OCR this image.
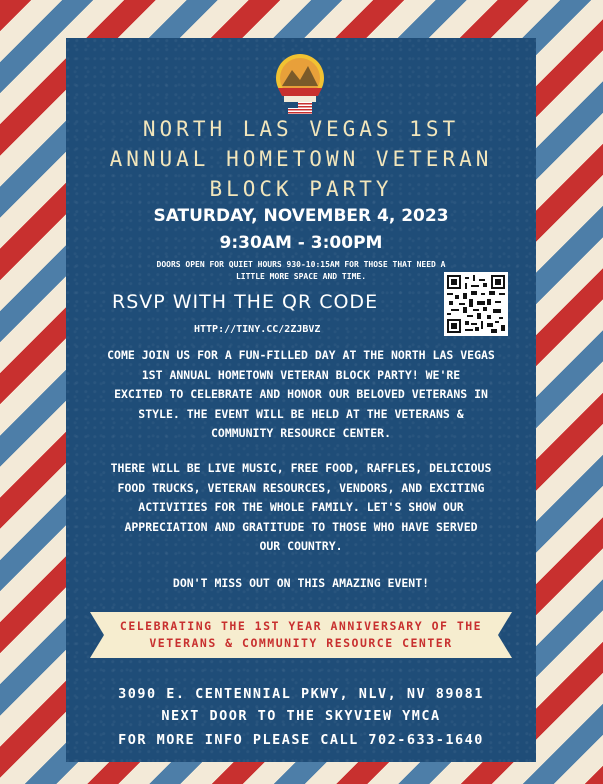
NORTH LAS VEGAS 1ST
ANNUAL HOMETOWN VETERAN
BLOCK PARTY
SATURDAY, NOVEMBER 4, 2023
9:30AM - 3:00PM
DOORS OPEN FOR QUIET HOURS 930-10:15AM FOR THOSE THAT NEED A
LITTLE MORE SPACE AND TIME.
RSVP WITH THE QR CODE
HTTP://TINY.CC/2ZJBVZ
COME JOIN US FOR A FUN-FILLED DAY AT THE NORTH LAS VEGAS
1ST ANNUAL HOMETOWN VETERAN BLOCK PARTY! WE'RE
EXCITED TO CELEBRATE AND HONOR OUR BELOVED VETERANS IN
STYLE. THE EVENT WILL BE HELD AT THE VETERANS &
COMMUNITY RESOURCE CENTER.
THERE WILL BE LIVE MUSIC, FREE FOOD, RAFFLES, DELICIOUS
FOOD TRUCKS, VETERAN RESOURCES, VENDORS, AND EXCITING
ACTIVITIES FOR THE WHOLE FAMILY. LET'S SHOW OUR
APPRECIATION AND GRATITUDE TO THOSE WHO HAVE SERVED
OUR COUNTRY.
DON'T MISS OUT ON THIS AMAZING EVENT!
CELEBRATING THE 1ST YEAR ANNIVERSARY OF THE
VETERANS & COMMUNITY RESOURCE CENTER
3090 E. CENTENNIAL PKWY, NLV, NV 89081
NEXT DOOR TO THE SKYVIEW YMCA
FOR MORE INFO PLEASE CALL 702-633-1640
